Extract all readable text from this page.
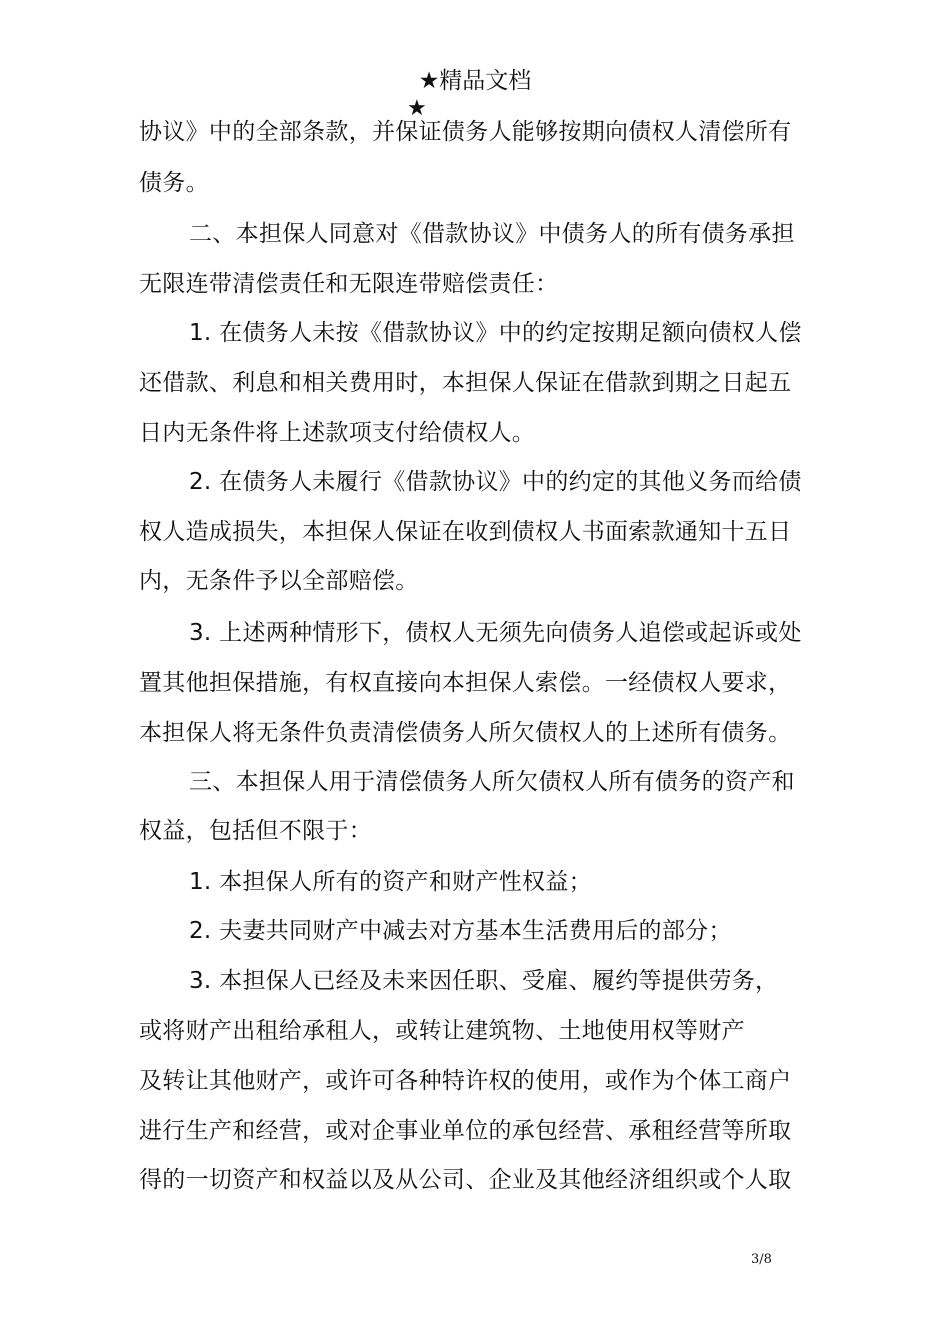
★精品文档
★
协议》中的全部条款，并保证债务人能够按期向债权人清偿所有
债务。
二、本担保人同意对《借款协议》中债务人的所有债务承担
无限连带清偿责任和无限连带赔偿责任：
1. 在债务人未按《借款协议》中的约定按期足额向债权人偿
还借款、利息和相关费用时，本担保人保证在借款到期之日起五
日内无条件将上述款项支付给债权人。
2. 在债务人未履行《借款协议》中的约定的其他义务而给债
权人造成损失，本担保人保证在收到债权人书面索款通知十五日
内，无条件予以全部赔偿。
3. 上述两种情形下，债权人无须先向债务人追偿或起诉或处
置其他担保措施，有权直接向本担保人索偿。一经债权人要求，
本担保人将无条件负责清偿债务人所欠债权人的上述所有债务。
三、本担保人用于清偿债务人所欠债权人所有债务的资产和
权益，包括但不限于：
1. 本担保人所有的资产和财产性权益；
2. 夫妻共同财产中减去对方基本生活费用后的部分；
3. 本担保人已经及未来因任职、受雇、履约等提供劳务，
或将财产出租给承租人，或转让建筑物、土地使用权等财产
及转让其他财产，或许可各种特许权的使用，或作为个体工商户
进行生产和经营，或对企事业单位的承包经营、承租经营等所取
得的一切资产和权益以及从公司、企业及其他经济组织或个人取
3/8
